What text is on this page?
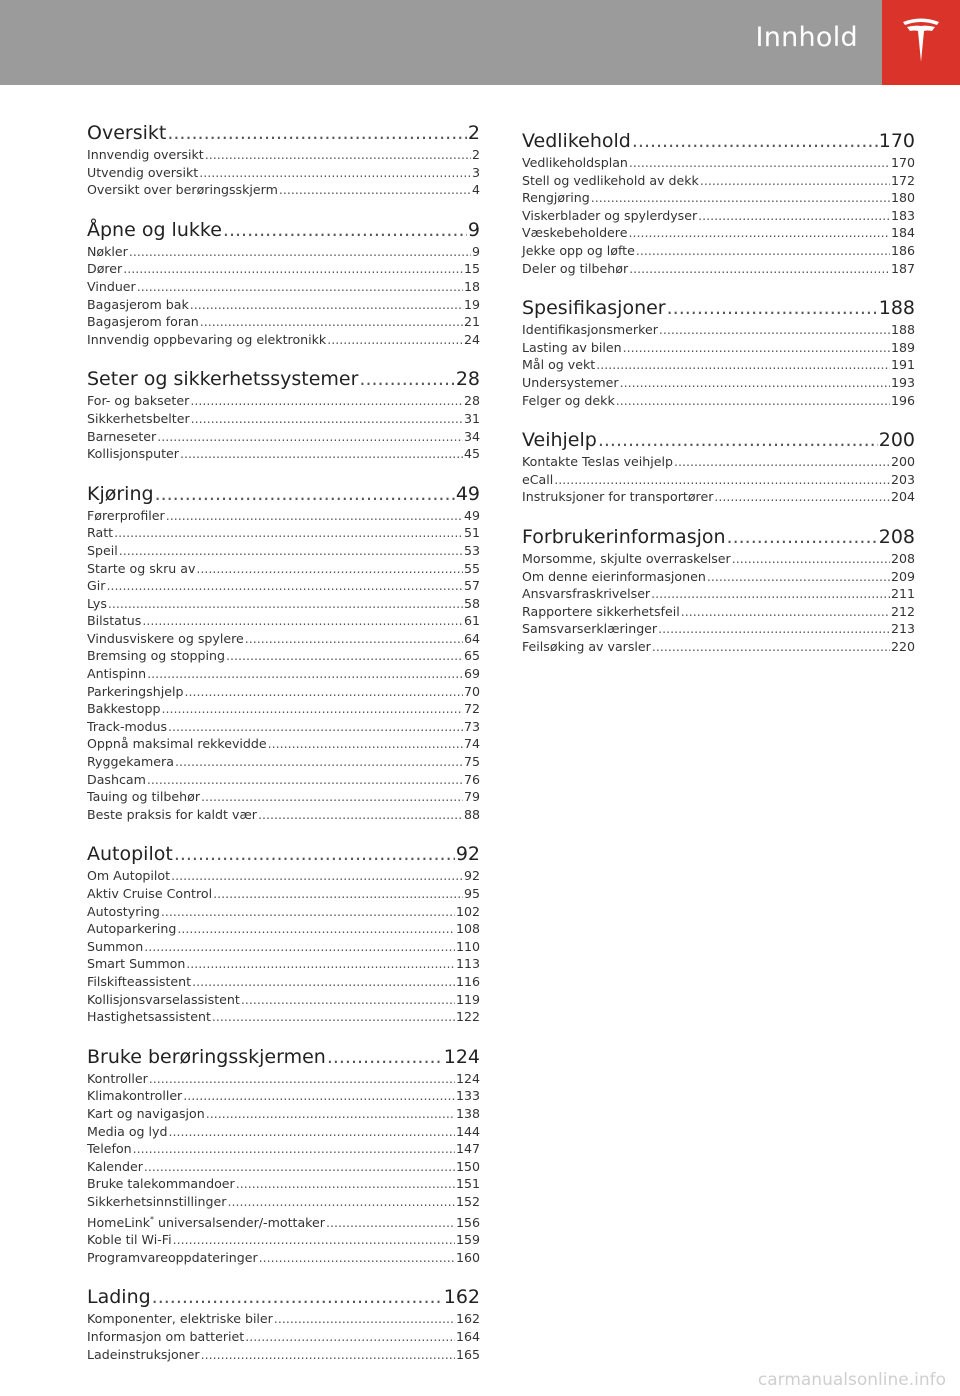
Innhold
Oversikt .....	2
Innvendig oversikt .....	2
Utvendig oversikt .....	3
Oversikt over berøringsskjerm .....	4
Åpne og lukke .....	9
Nøkler .....	9
Dører .....	15
Vinduer .....	18
Bagasjerom bak .....	19
Bagasjerom foran .....	21
Innvendig oppbevaring og elektronikk .....	24
Seter og sikkerhetssystemer .....	28
For- og bakseter .....	28
Sikkerhetsbelter .....	31
Barneseter .....	34
Kollisjonsputer .....	45
Kjøring .....	49
Førerprofiler .....	49
Ratt .....	51
Speil .....	53
Starte og skru av .....	55
Gir .....	57
Lys .....	58
Bilstatus .....	61
Vindusviskere og spylere .....	64
Bremsing og stopping .....	65
Antispinn .....	69
Parkeringshjelp .....	70
Bakkestopp .....	72
Track-modus .....	73
Oppnå maksimal rekkevidde .....	74
Ryggekamera .....	75
Dashcam .....	76
Tauing og tilbehør .....	79
Beste praksis for kaldt vær .....	88
Autopilot .....	92
Om Autopilot .....	92
Aktiv Cruise Control .....	95
Autostyring .....	102
Autoparkering .....	108
Summon .....	110
Smart Summon .....	113
Filskifteassistent .....	116
Kollisjonsvarselassistent .....	119
Hastighetsassistent .....	122
Bruke berøringsskjermen .....	124
Kontroller .....	124
Klimakontroller .....	133
Kart og navigasjon .....	138
Media og lyd .....	144
Telefon .....	147
Kalender .....	150
Bruke talekommandoer .....	151
Sikkerhetsinnstillinger .....	152
HomeLink* universalsender/-mottaker .....	156
Koble til Wi-Fi .....	159
Programvareoppdateringer .....	160
Lading .....	162
Komponenter, elektriske biler .....	162
Informasjon om batteriet .....	164
Ladeinstruksjoner .....	165
Vedlikehold .....	170
Vedlikeholdsplan .....	170
Stell og vedlikehold av dekk .....	172
Rengjøring .....	180
Viskerblader og spylerdyser .....	183
Væskebeholdere .....	184
Jekke opp og løfte .....	186
Deler og tilbehør .....	187
Spesifikasjoner .....	188
Identifikasjonsmerker .....	188
Lasting av bilen .....	189
Mål og vekt .....	191
Undersystemer .....	193
Felger og dekk .....	196
Veihjelp .....	200
Kontakte Teslas veihjelp .....	200
eCall .....	203
Instruksjoner for transportører .....	204
Forbrukerinformasjon .....	208
Morsomme, skjulte overraskelser .....	208
Om denne eierinformasjonen .....	209
Ansvarsfraskrivelser .....	211
Rapportere sikkerhetsfeil .....	212
Samsvarserklæringer .....	213
Feilsøking av varsler .....	220
carmanualsonline.info
